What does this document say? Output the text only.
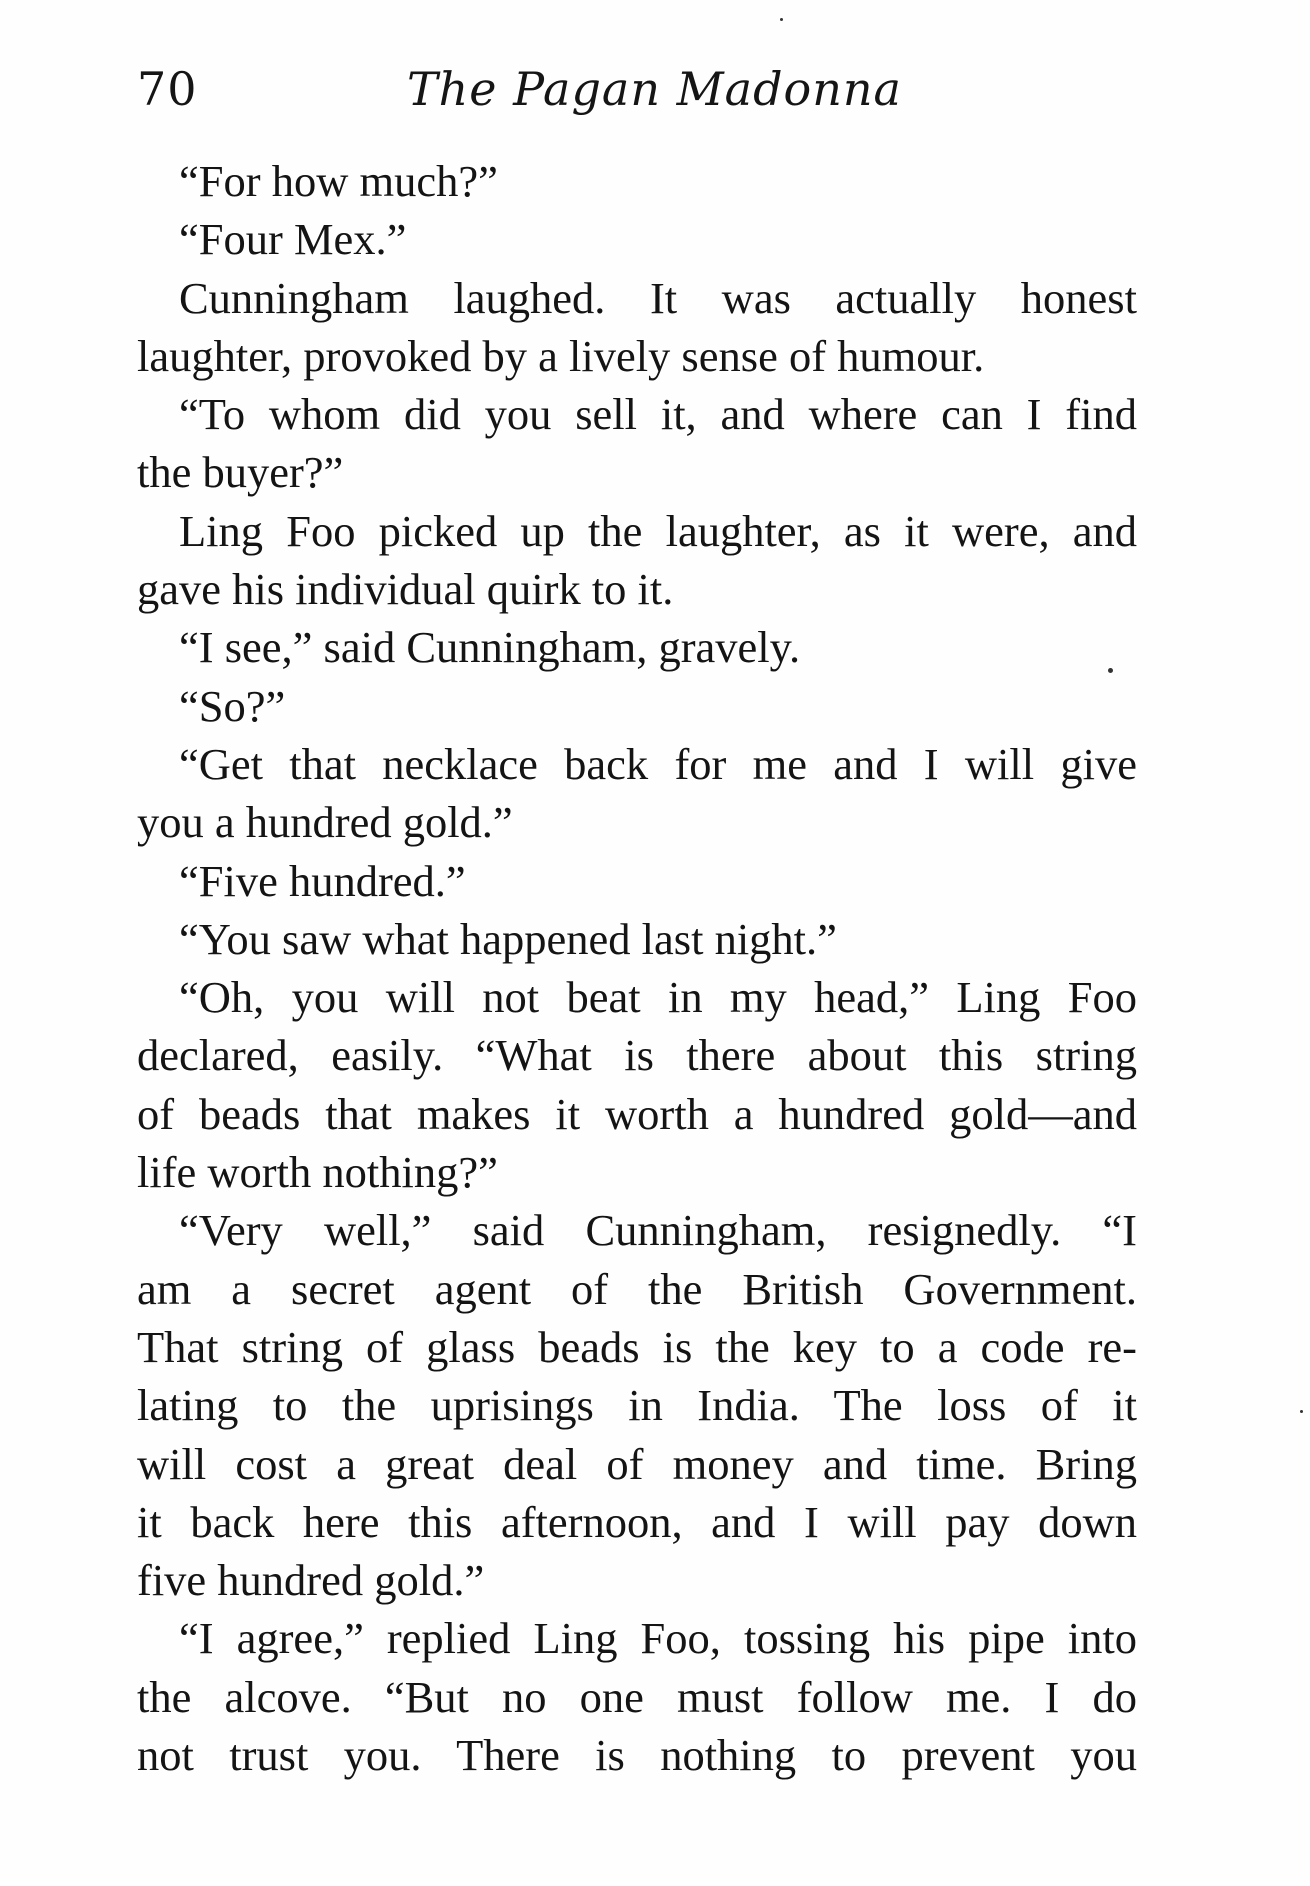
70	The Pagan Madonna
“For how much?”
“Four Mex.”
Cunningham laughed. It was actually honest
laughter, provoked by a lively sense of humour.
“To whom did you sell it, and where can I find
the buyer?”
Ling Foo picked up the laughter, as it were, and
gave his individual quirk to it.
“I see,” said Cunningham, gravely.
“So?”
“Get that necklace back for me and I will give
you a hundred gold.”
“Five hundred.”
“You saw what happened last night.”
“Oh, you will not beat in my head,” Ling Foo
declared, easily. “What is there about this string
of beads that makes it worth a hundred gold—and
life worth nothing?”
“Very well,” said Cunningham, resignedly. “I
am a secret agent of the British Government.
That string of glass beads is the key to a code re-
lating to the uprisings in India. The loss of it
will cost a great deal of money and time. Bring
it back here this afternoon, and I will pay down
five hundred gold.”
“I agree,” replied Ling Foo, tossing his pipe into
the alcove. “But no one must follow me. I do
not trust you. There is nothing to prevent you
